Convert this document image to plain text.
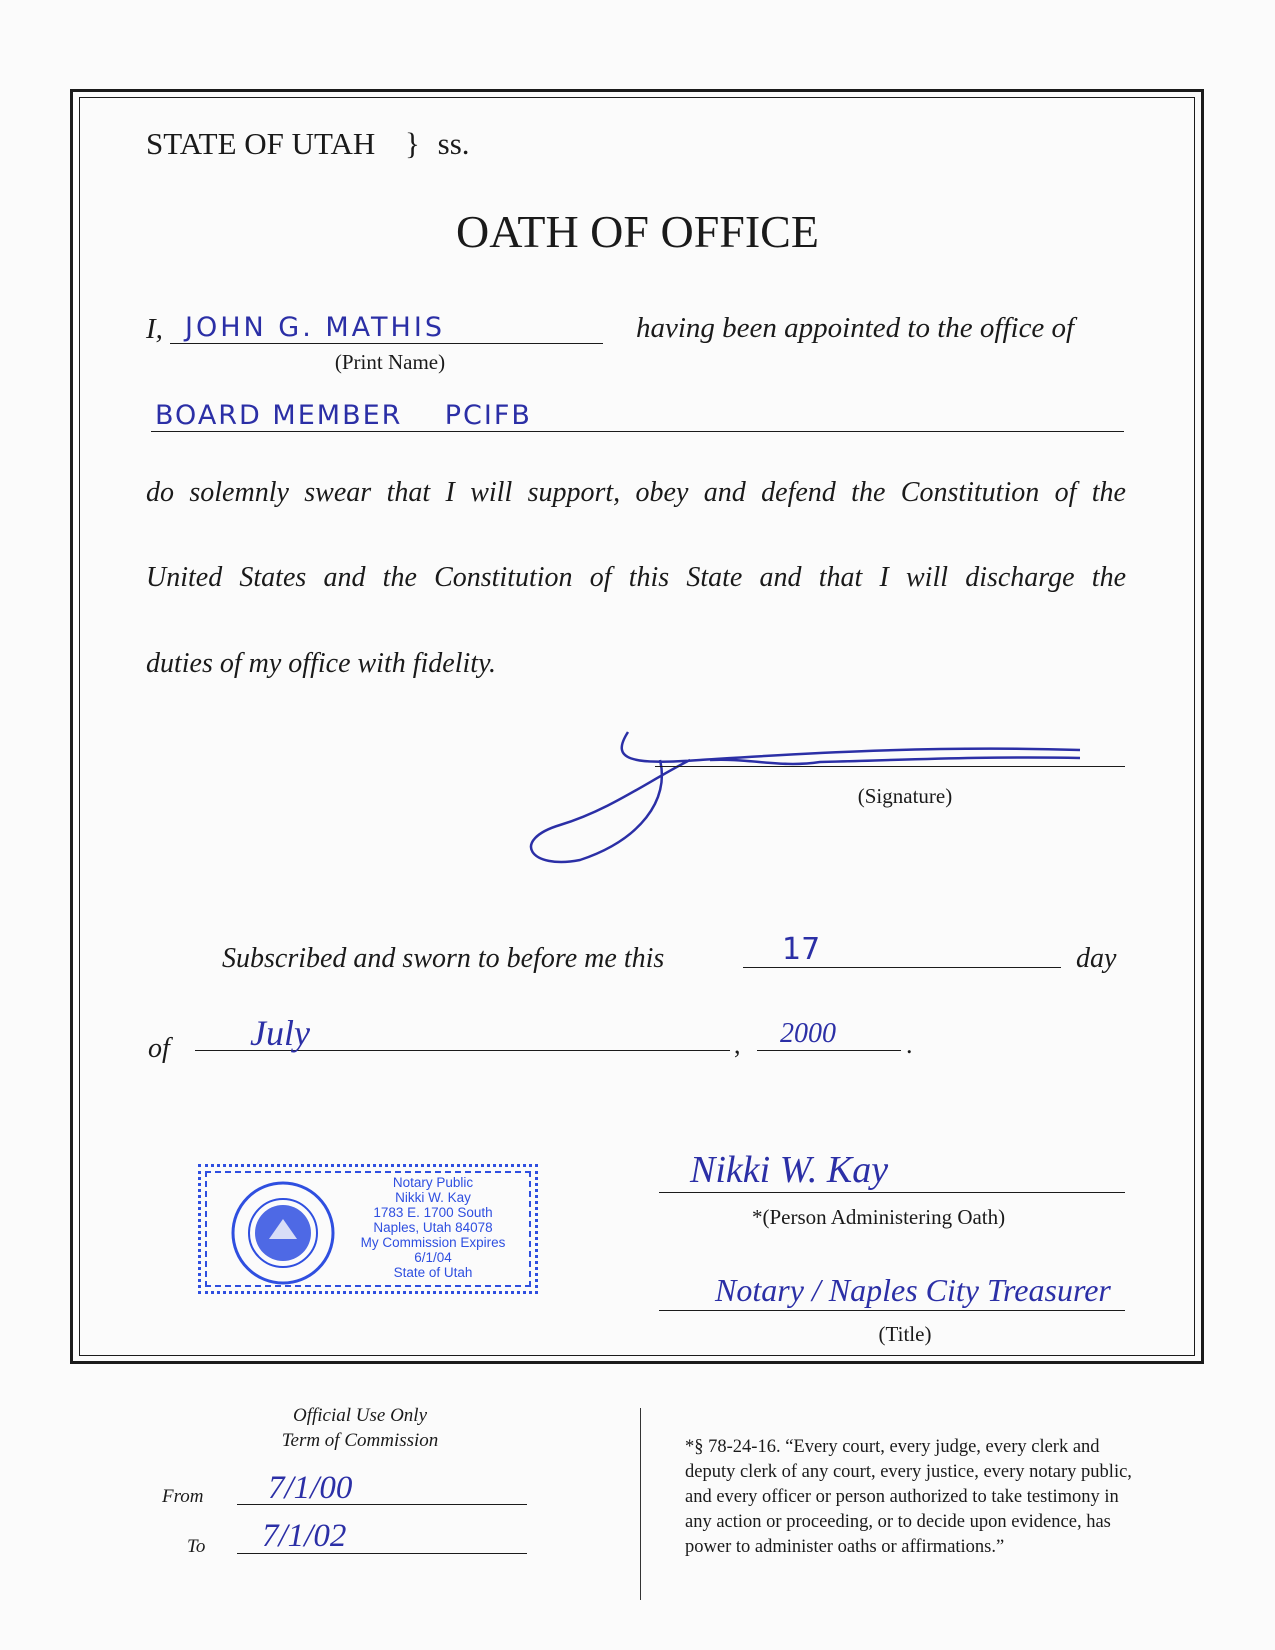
STATE OF UTAH } ss.
OATH OF OFFICE
I, JOHN G. MATHIS
(Print Name)
having been appointed to the office of
BOARD MEMBER    PCIFB
do solemnly swear that I will support, obey and defend the Constitution of the
United States and the Constitution of this State and that I will discharge the
duties of my office with fidelity.
(Signature)
Subscribed and sworn to before me this	17	day
of July	, 2000	.
Notary Public
Nikki W. Kay
1783 E. 1700 South
Naples, Utah 84078
My Commission Expires
6/1/04
State of Utah
Nikki W. Kay
*(Person Administering Oath)
Notary / Naples City Treasurer
(Title)
Official Use Only
Term of Commission
From 7/1/00
To 7/1/02
*§ 78-24-16. “Every court, every judge, every clerk and
deputy clerk of any court, every justice, every notary public,
and every officer or person authorized to take testimony in
any action or proceeding, or to decide upon evidence, has
power to administer oaths or affirmations.”
